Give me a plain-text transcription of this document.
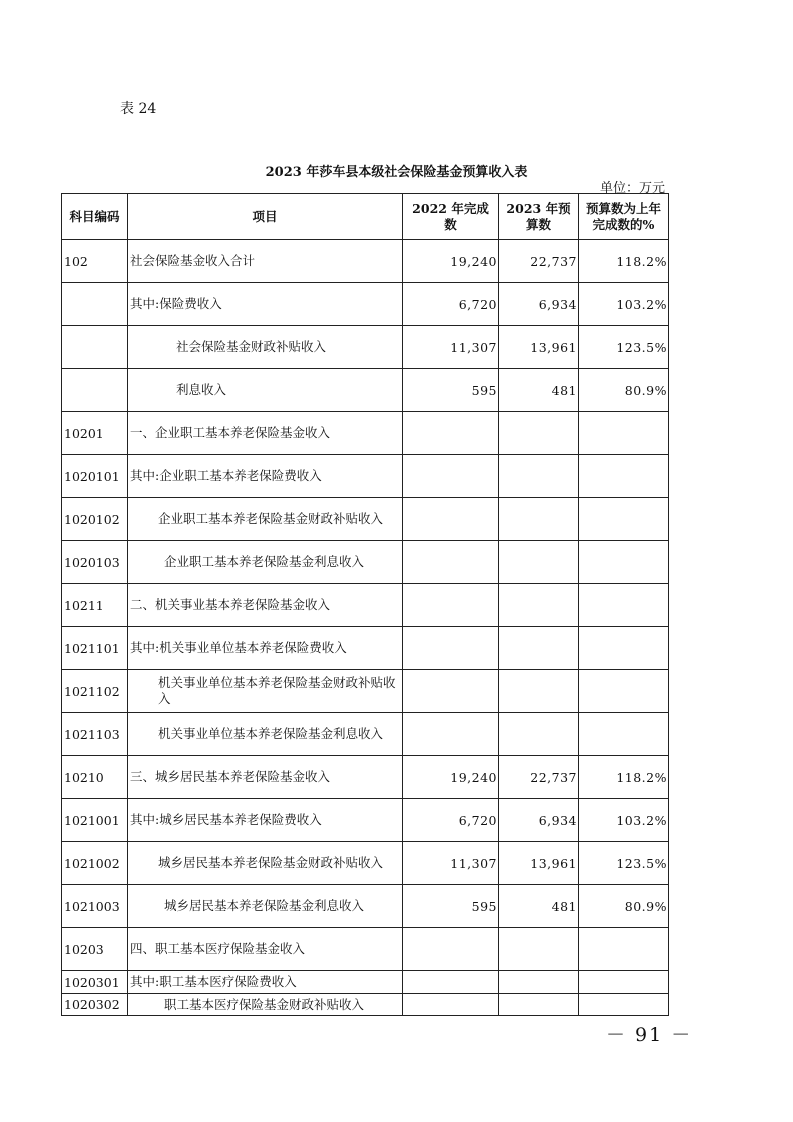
表 24
2023 年莎车县本级社会保险基金预算收入表
单位：万元
科目编码	项目	2022 年完成数	2023 年预算数	预算数为上年完成数的%
102	社会保险基金收入合计	19,240	22,737	118.2%
	其中:保险费收入	6,720	6,934	103.2%
	社会保险基金财政补贴收入	11,307	13,961	123.5%
	利息收入	595	481	80.9%
10201	一、企业职工基本养老保险基金收入			
1020101	其中:企业职工基本养老保险费收入			
1020102	企业职工基本养老保险基金财政补贴收入			
1020103	企业职工基本养老保险基金利息收入			
10211	二、机关事业基本养老保险基金收入			
1021101	其中:机关事业单位基本养老保险费收入			
1021102	机关事业单位基本养老保险基金财政补贴收入			
1021103	机关事业单位基本养老保险基金利息收入			
10210	三、城乡居民基本养老保险基金收入	19,240	22,737	118.2%
1021001	其中:城乡居民基本养老保险费收入	6,720	6,934	103.2%
1021002	城乡居民基本养老保险基金财政补贴收入	11,307	13,961	123.5%
1021003	城乡居民基本养老保险基金利息收入	595	481	80.9%
10203	四、职工基本医疗保险基金收入			
1020301	其中:职工基本医疗保险费收入			
1020302	职工基本医疗保险基金财政补贴收入			
－ 91 －
